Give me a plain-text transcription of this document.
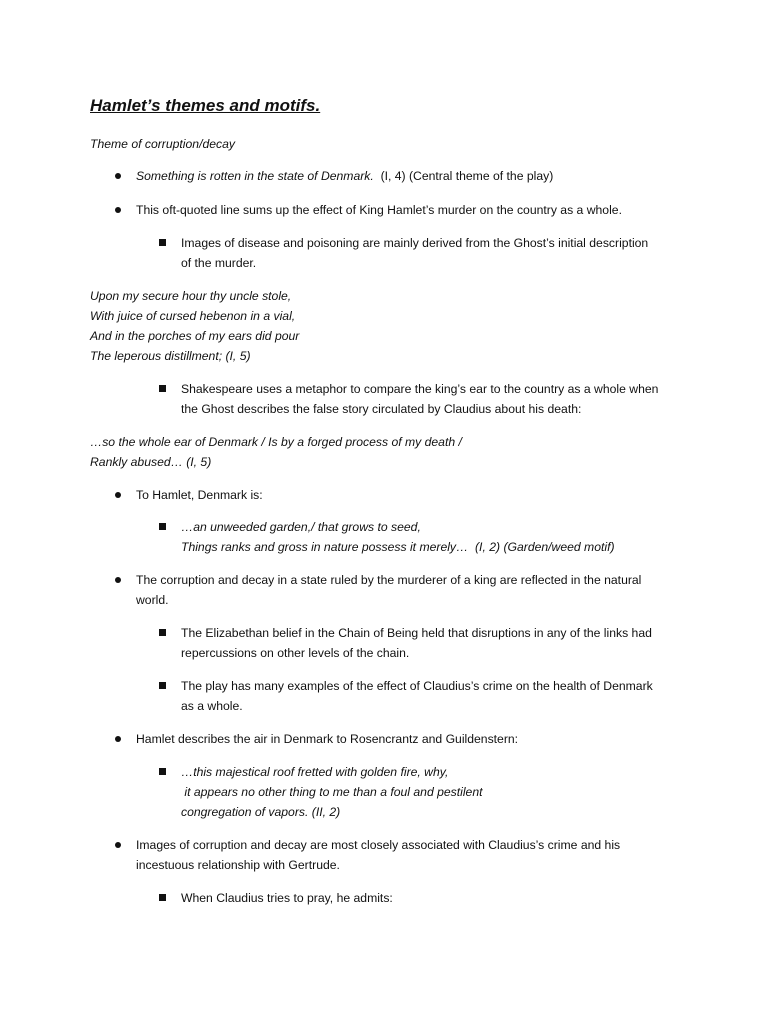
Hamlet’s themes and motifs.
Theme of corruption/decay
Something is rotten in the state of Denmark. (I, 4) (Central theme of the play)
This oft-quoted line sums up the effect of King Hamlet’s murder on the country as a whole.
Images of disease and poisoning are mainly derived from the Ghost’s initial description
of the murder.
Upon my secure hour thy uncle stole,
With juice of cursed hebenon in a vial,
And in the porches of my ears did pour
The leperous distillment; (I, 5)
Shakespeare uses a metaphor to compare the king’s ear to the country as a whole when
the Ghost describes the false story circulated by Claudius about his death:
…so the whole ear of Denmark / Is by a forged process of my death /
Rankly abused… (I, 5)
To Hamlet, Denmark is:
…an unweeded garden,/ that grows to seed,
Things ranks and gross in nature possess it merely… (I, 2) (Garden/weed motif)
The corruption and decay in a state ruled by the murderer of a king are reflected in the natural
world.
The Elizabethan belief in the Chain of Being held that disruptions in any of the links had
repercussions on other levels of the chain.
The play has many examples of the effect of Claudius’s crime on the health of Denmark
as a whole.
Hamlet describes the air in Denmark to Rosencrantz and Guildenstern:
…this majestical roof fretted with golden fire, why,
it appears no other thing to me than a foul and pestilent
congregation of vapors. (II, 2)
Images of corruption and decay are most closely associated with Claudius’s crime and his
incestuous relationship with Gertrude.
When Claudius tries to pray, he admits:
